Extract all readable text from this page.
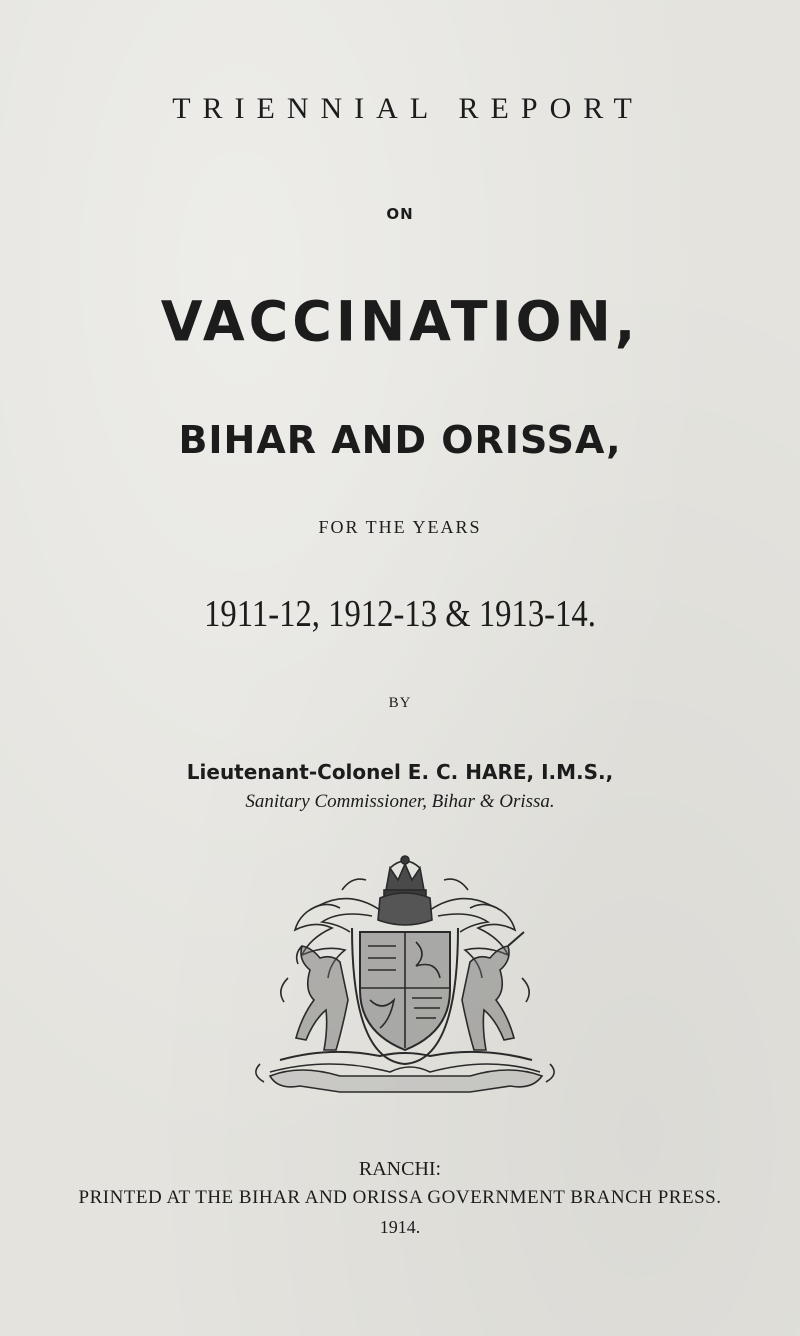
TRIENNIAL REPORT
ON
VACCINATION,
BIHAR AND ORISSA,
FOR THE YEARS
1911-12, 1912-13 & 1913-14.
BY
Lieutenant-Colonel E. C. HARE, I.M.S.,
Sanitary Commissioner, Bihar & Orissa.
RANCHI:
PRINTED AT THE BIHAR AND ORISSA GOVERNMENT BRANCH PRESS.
1914.
